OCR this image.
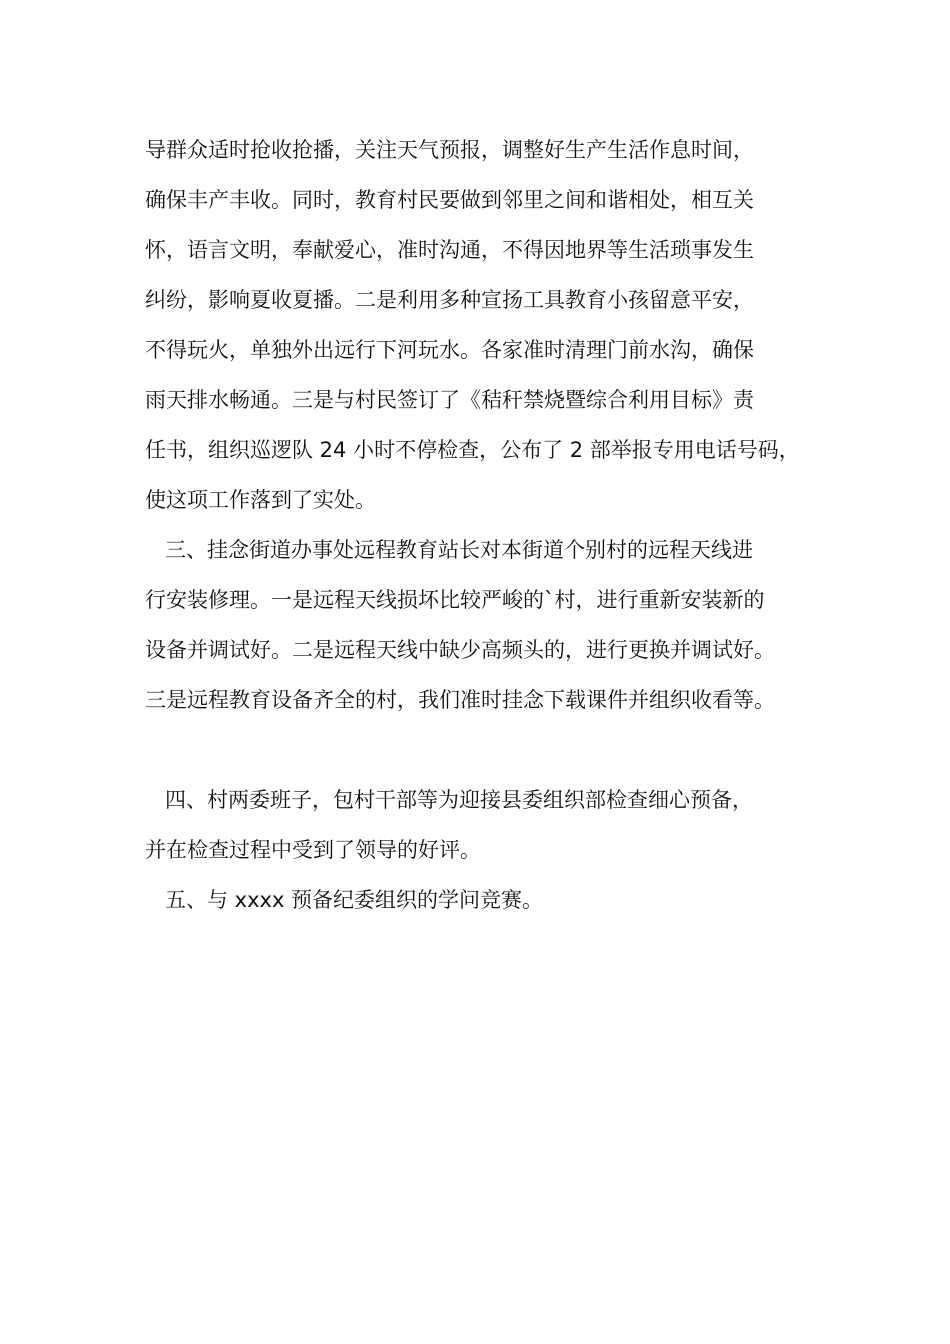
导群众适时抢收抢播，关注天气预报，调整好生产生活作息时间，
确保丰产丰收。同时，教育村民要做到邻里之间和谐相处，相互关
怀，语言文明，奉献爱心，准时沟通，不得因地界等生活琐事发生
纠纷，影响夏收夏播。二是利用多种宣扬工具教育小孩留意平安，
不得玩火，单独外出远行下河玩水。各家准时清理门前水沟，确保
雨天排水畅通。三是与村民签订了《秸秆禁烧暨综合利用目标》责
任书，组织巡逻队 24 小时不停检查，公布了 2 部举报专用电话号码，
使这项工作落到了实处。
三、挂念街道办事处远程教育站长对本街道个别村的远程天线进
行安装修理。一是远程天线损坏比较严峻的`村，进行重新安装新的
设备并调试好。二是远程天线中缺少高频头的，进行更换并调试好。
三是远程教育设备齐全的村，我们准时挂念下载课件并组织收看等。
四、村两委班子，包村干部等为迎接县委组织部检查细心预备，
并在检查过程中受到了领导的好评。
五、与 xxxx 预备纪委组织的学问竞赛。
